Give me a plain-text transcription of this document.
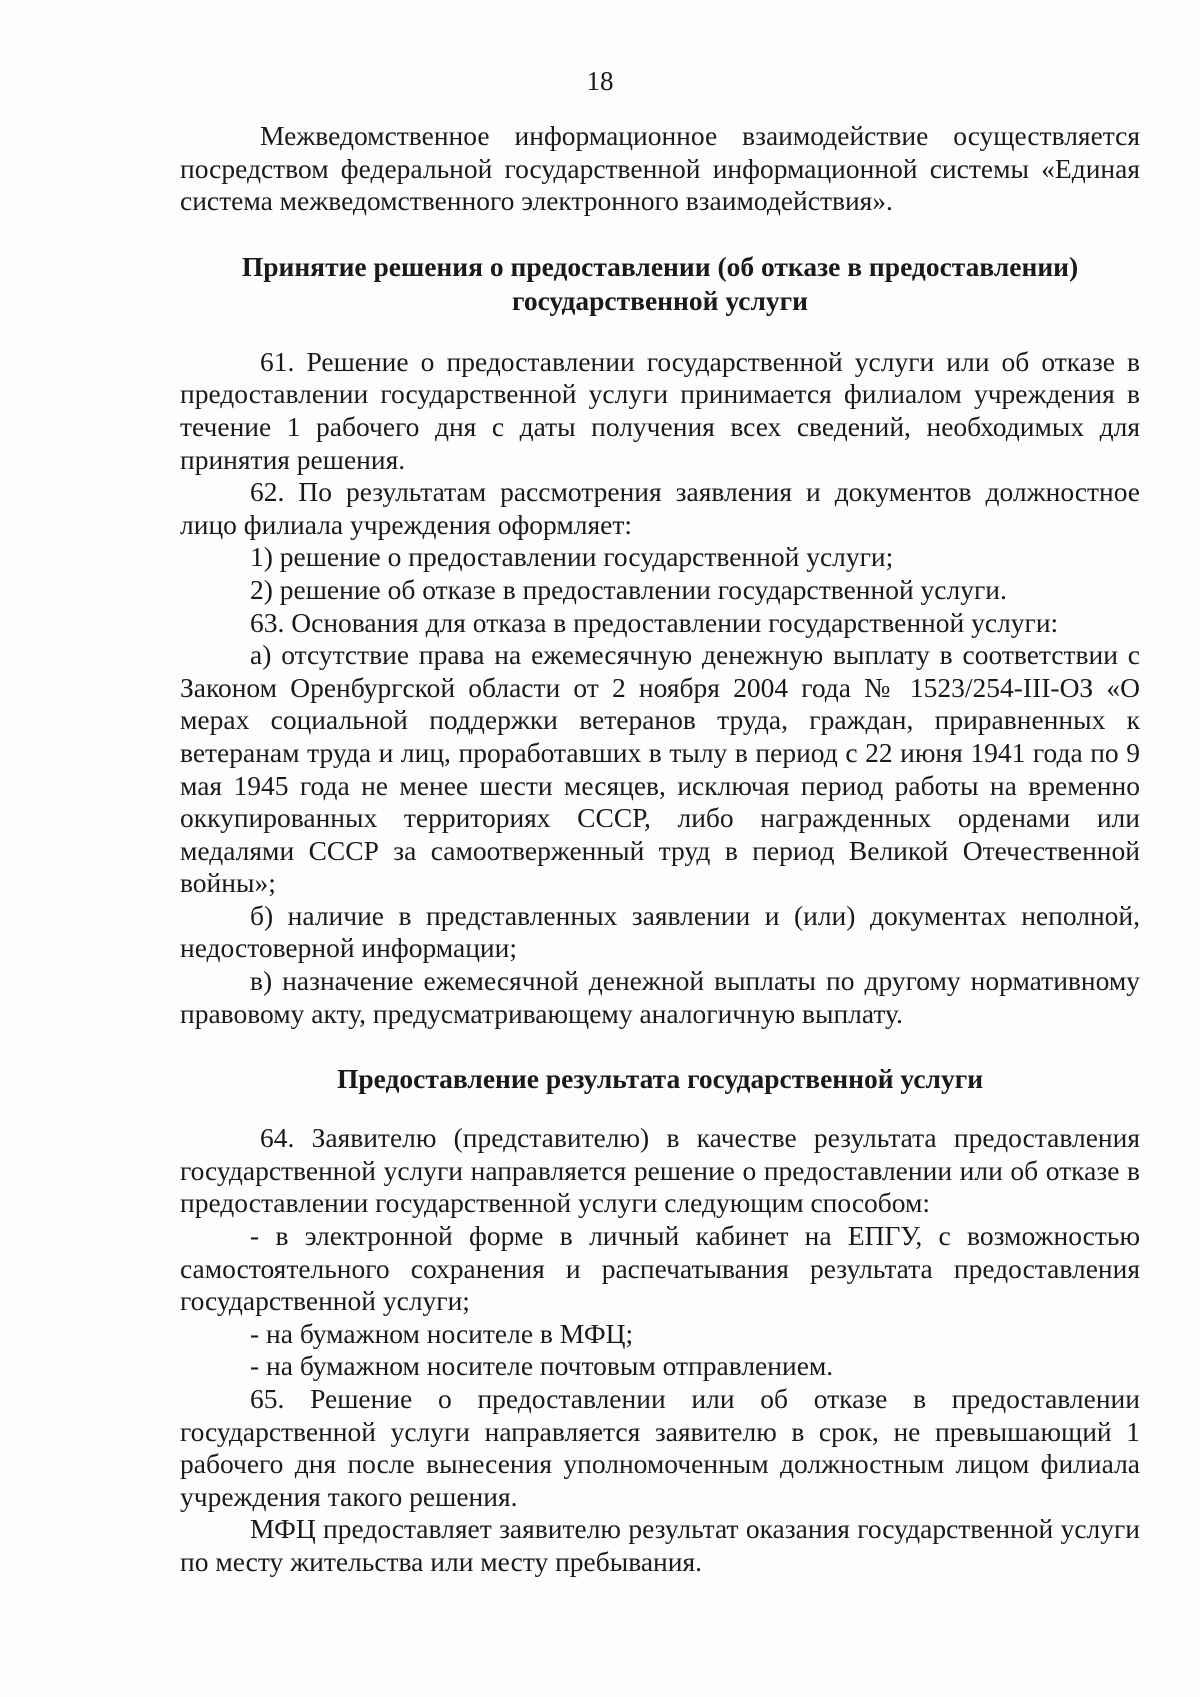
18

Межведомственное информационное взаимодействие осуществляется посредством федеральной государственной информационной системы «Единая система межведомственного электронного взаимодействия».

Принятие решения о предоставлении (об отказе в предоставлении)

государственной услуги

61. Решение о предоставлении государственной услуги или об отказе в предоставлении государственной услуги принимается филиалом учреждения в течение 1 рабочего дня с даты получения всех сведений, необходимых для принятия решения.

62. По результатам рассмотрения заявления и документов должностное лицо филиала учреждения оформляет:

1) решение о предоставлении государственной услуги;

2) решение об отказе в предоставлении государственной услуги.

63. Основания для отказа в предоставлении государственной услуги:

а) отсутствие права на ежемесячную денежную выплату в соответствии с Законом Оренбургской области от 2 ноября 2004 года № 1523/254-III-ОЗ «О мерах социальной поддержки ветеранов труда, граждан, приравненных к ветеранам труда и лиц, проработавших в тылу в период с 22 июня 1941 года по 9 мая 1945 года не менее шести месяцев, исключая период работы на временно оккупированных территориях СССР, либо награжденных орденами или медалями СССР за самоотверженный труд в период Великой Отечественной войны»;

б) наличие в представленных заявлении и (или) документах неполной, недостоверной информации;

в) назначение ежемесячной денежной выплаты по другому нормативному правовому акту, предусматривающему аналогичную выплату.

Предоставление результата государственной услуги

64. Заявителю (представителю) в качестве результата предоставления государственной услуги направляется решение о предоставлении или об отказе в предоставлении государственной услуги следующим способом:

- в электронной форме в личный кабинет на ЕПГУ, с возможностью самостоятельного сохранения и распечатывания результата предоставления государственной услуги;

- на бумажном носителе в МФЦ;

- на бумажном носителе почтовым отправлением.

65. Решение о предоставлении или об отказе в предоставлении государственной услуги направляется заявителю в срок, не превышающий 1 рабочего дня после вынесения уполномоченным должностным лицом филиала учреждения такого решения.

МФЦ предоставляет заявителю результат оказания государственной услуги по месту жительства или месту пребывания.
